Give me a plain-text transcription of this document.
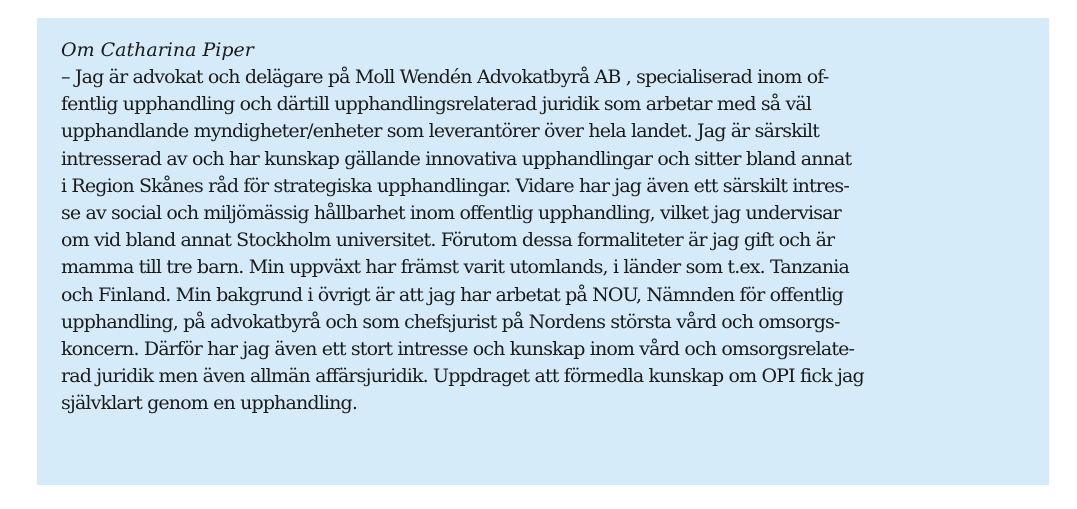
Om Catharina Piper
– Jag är advokat och delägare på Moll Wendén Advokatbyrå AB , specialiserad inom of-
fentlig upphandling och därtill upphandlingsrelaterad juridik som arbetar med så väl
upphandlande myndigheter/enheter som leverantörer över hela landet. Jag är särskilt
intresserad av och har kunskap gällande innovativa upphandlingar och sitter bland annat
i Region Skånes råd för strategiska upphandlingar. Vidare har jag även ett särskilt intres-
se av social och miljömässig hållbarhet inom offentlig upphandling, vilket jag undervisar
om vid bland annat Stockholm universitet. Förutom dessa formaliteter är jag gift och är
mamma till tre barn. Min uppväxt har främst varit utomlands, i länder som t.ex. Tanzania
och Finland. Min bakgrund i övrigt är att jag har arbetat på NOU, Nämnden för offentlig
upphandling, på advokatbyrå och som chefsjurist på Nordens största vård och omsorgs-
koncern. Därför har jag även ett stort intresse och kunskap inom vård och omsorgsrelate-
rad juridik men även allmän affärsjuridik. Uppdraget att förmedla kunskap om OPI fick jag
självklart genom en upphandling.
